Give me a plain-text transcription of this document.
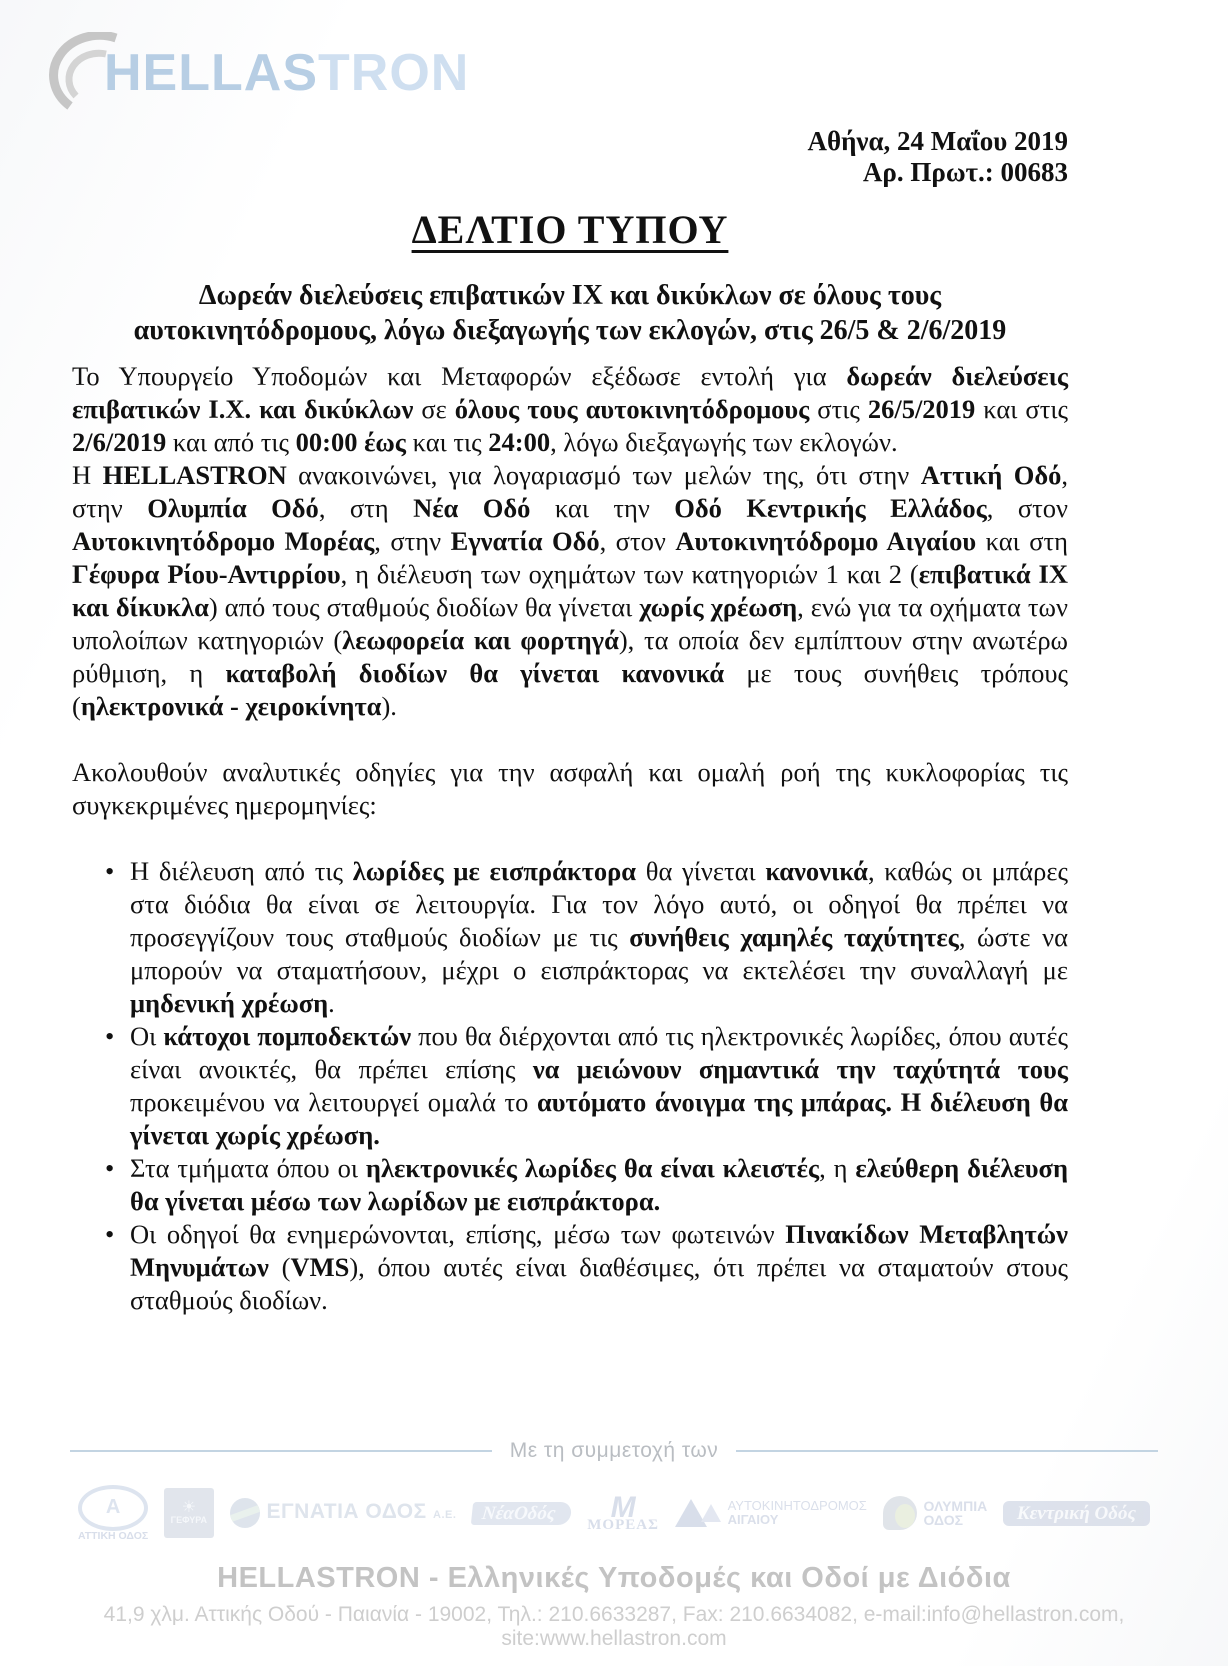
HELLASTRON
Αθήνα, 24 Μαΐου 2019
Αρ. Πρωτ.: 00683
ΔΕΛΤΙΟ ΤΥΠΟΥ
Δωρεάν διελεύσεις επιβατικών ΙΧ και δικύκλων σε όλους τους αυτοκινητόδρομους, λόγω διεξαγωγής των εκλογών, στις 26/5 & 2/6/2019

Το Υπουργείο Υποδομών και Μεταφορών εξέδωσε εντολή για δωρεάν διελεύσεις επιβατικών Ι.Χ. και δικύκλων σε όλους τους αυτοκινητόδρομους στις 26/5/2019 και στις 2/6/2019 και από τις 00:00 έως και τις 24:00, λόγω διεξαγωγής των εκλογών.

Η HELLASTRON ανακοινώνει, για λογαριασμό των μελών της, ότι στην Αττική Οδό, στην Ολυμπία Οδό, στη Νέα Οδό και την Οδό Κεντρικής Ελλάδος, στον Αυτοκινητόδρομο Μορέας, στην Εγνατία Οδό, στον Αυτοκινητόδρομο Αιγαίου και στη Γέφυρα Ρίου-Αντιρρίου, η διέλευση των οχημάτων των κατηγοριών 1 και 2 (επιβατικά ΙΧ και δίκυκλα) από τους σταθμούς διοδίων θα γίνεται χωρίς χρέωση, ενώ για τα οχήματα των υπολοίπων κατηγοριών (λεωφορεία και φορτηγά), τα οποία δεν εμπίπτουν στην ανωτέρω ρύθμιση, η καταβολή διοδίων θα γίνεται κανονικά με τους συνήθεις τρόπους (ηλεκτρονικά - χειροκίνητα).

Ακολουθούν αναλυτικές οδηγίες για την ασφαλή και ομαλή ροή της κυκλοφορίας τις συγκεκριμένες ημερομηνίες:

• Η διέλευση από τις λωρίδες με εισπράκτορα θα γίνεται κανονικά, καθώς οι μπάρες στα διόδια θα είναι σε λειτουργία. Για τον λόγο αυτό, οι οδηγοί θα πρέπει να προσεγγίζουν τους σταθμούς διοδίων με τις συνήθεις χαμηλές ταχύτητες, ώστε να μπορούν να σταματήσουν, μέχρι ο εισπράκτορας να εκτελέσει την συναλλαγή με μηδενική χρέωση.
• Οι κάτοχοι πομποδεκτών που θα διέρχονται από τις ηλεκτρονικές λωρίδες, όπου αυτές είναι ανοικτές, θα πρέπει επίσης να μειώνουν σημαντικά την ταχύτητά τους προκειμένου να λειτουργεί ομαλά το αυτόματο άνοιγμα της μπάρας. Η διέλευση θα γίνεται χωρίς χρέωση.
• Στα τμήματα όπου οι ηλεκτρονικές λωρίδες θα είναι κλειστές, η ελεύθερη διέλευση θα γίνεται μέσω των λωρίδων με εισπράκτορα.
• Οι οδηγοί θα ενημερώνονται, επίσης, μέσω των φωτεινών Πινακίδων Μεταβλητών Μηνυμάτων (VMS), όπου αυτές είναι διαθέσιμες, ότι πρέπει να σταματούν στους σταθμούς διοδίων.
Με τη συμμετοχή των
A
ΑΤΤΙΚΗ ΟΔΟΣ
☀
ΓΕΦΥΡΑ	ΕΓΝΑΤΙΑ ΟΔΟΣ Α.Ε.	ΝέαΟδός	M
ΜΟΡΕΑΣ
ΑΥΤΟΚΙΝΗΤΟΔΡΟΜΟΣ
ΑΙΓΑΙΟΥ
ΟΛΥΜΠΙΑ
ΟΔΟΣ	Κεντρική Οδός
HELLASTRON - Ελληνικές Υποδομές και Οδοί με Διόδια
41,9 χλμ. Αττικής Οδού - Παιανία - 19002, Τηλ.: 210.6633287, Fax: 210.6634082, e-mail:info@hellastron.com, site:www.hellastron.com
